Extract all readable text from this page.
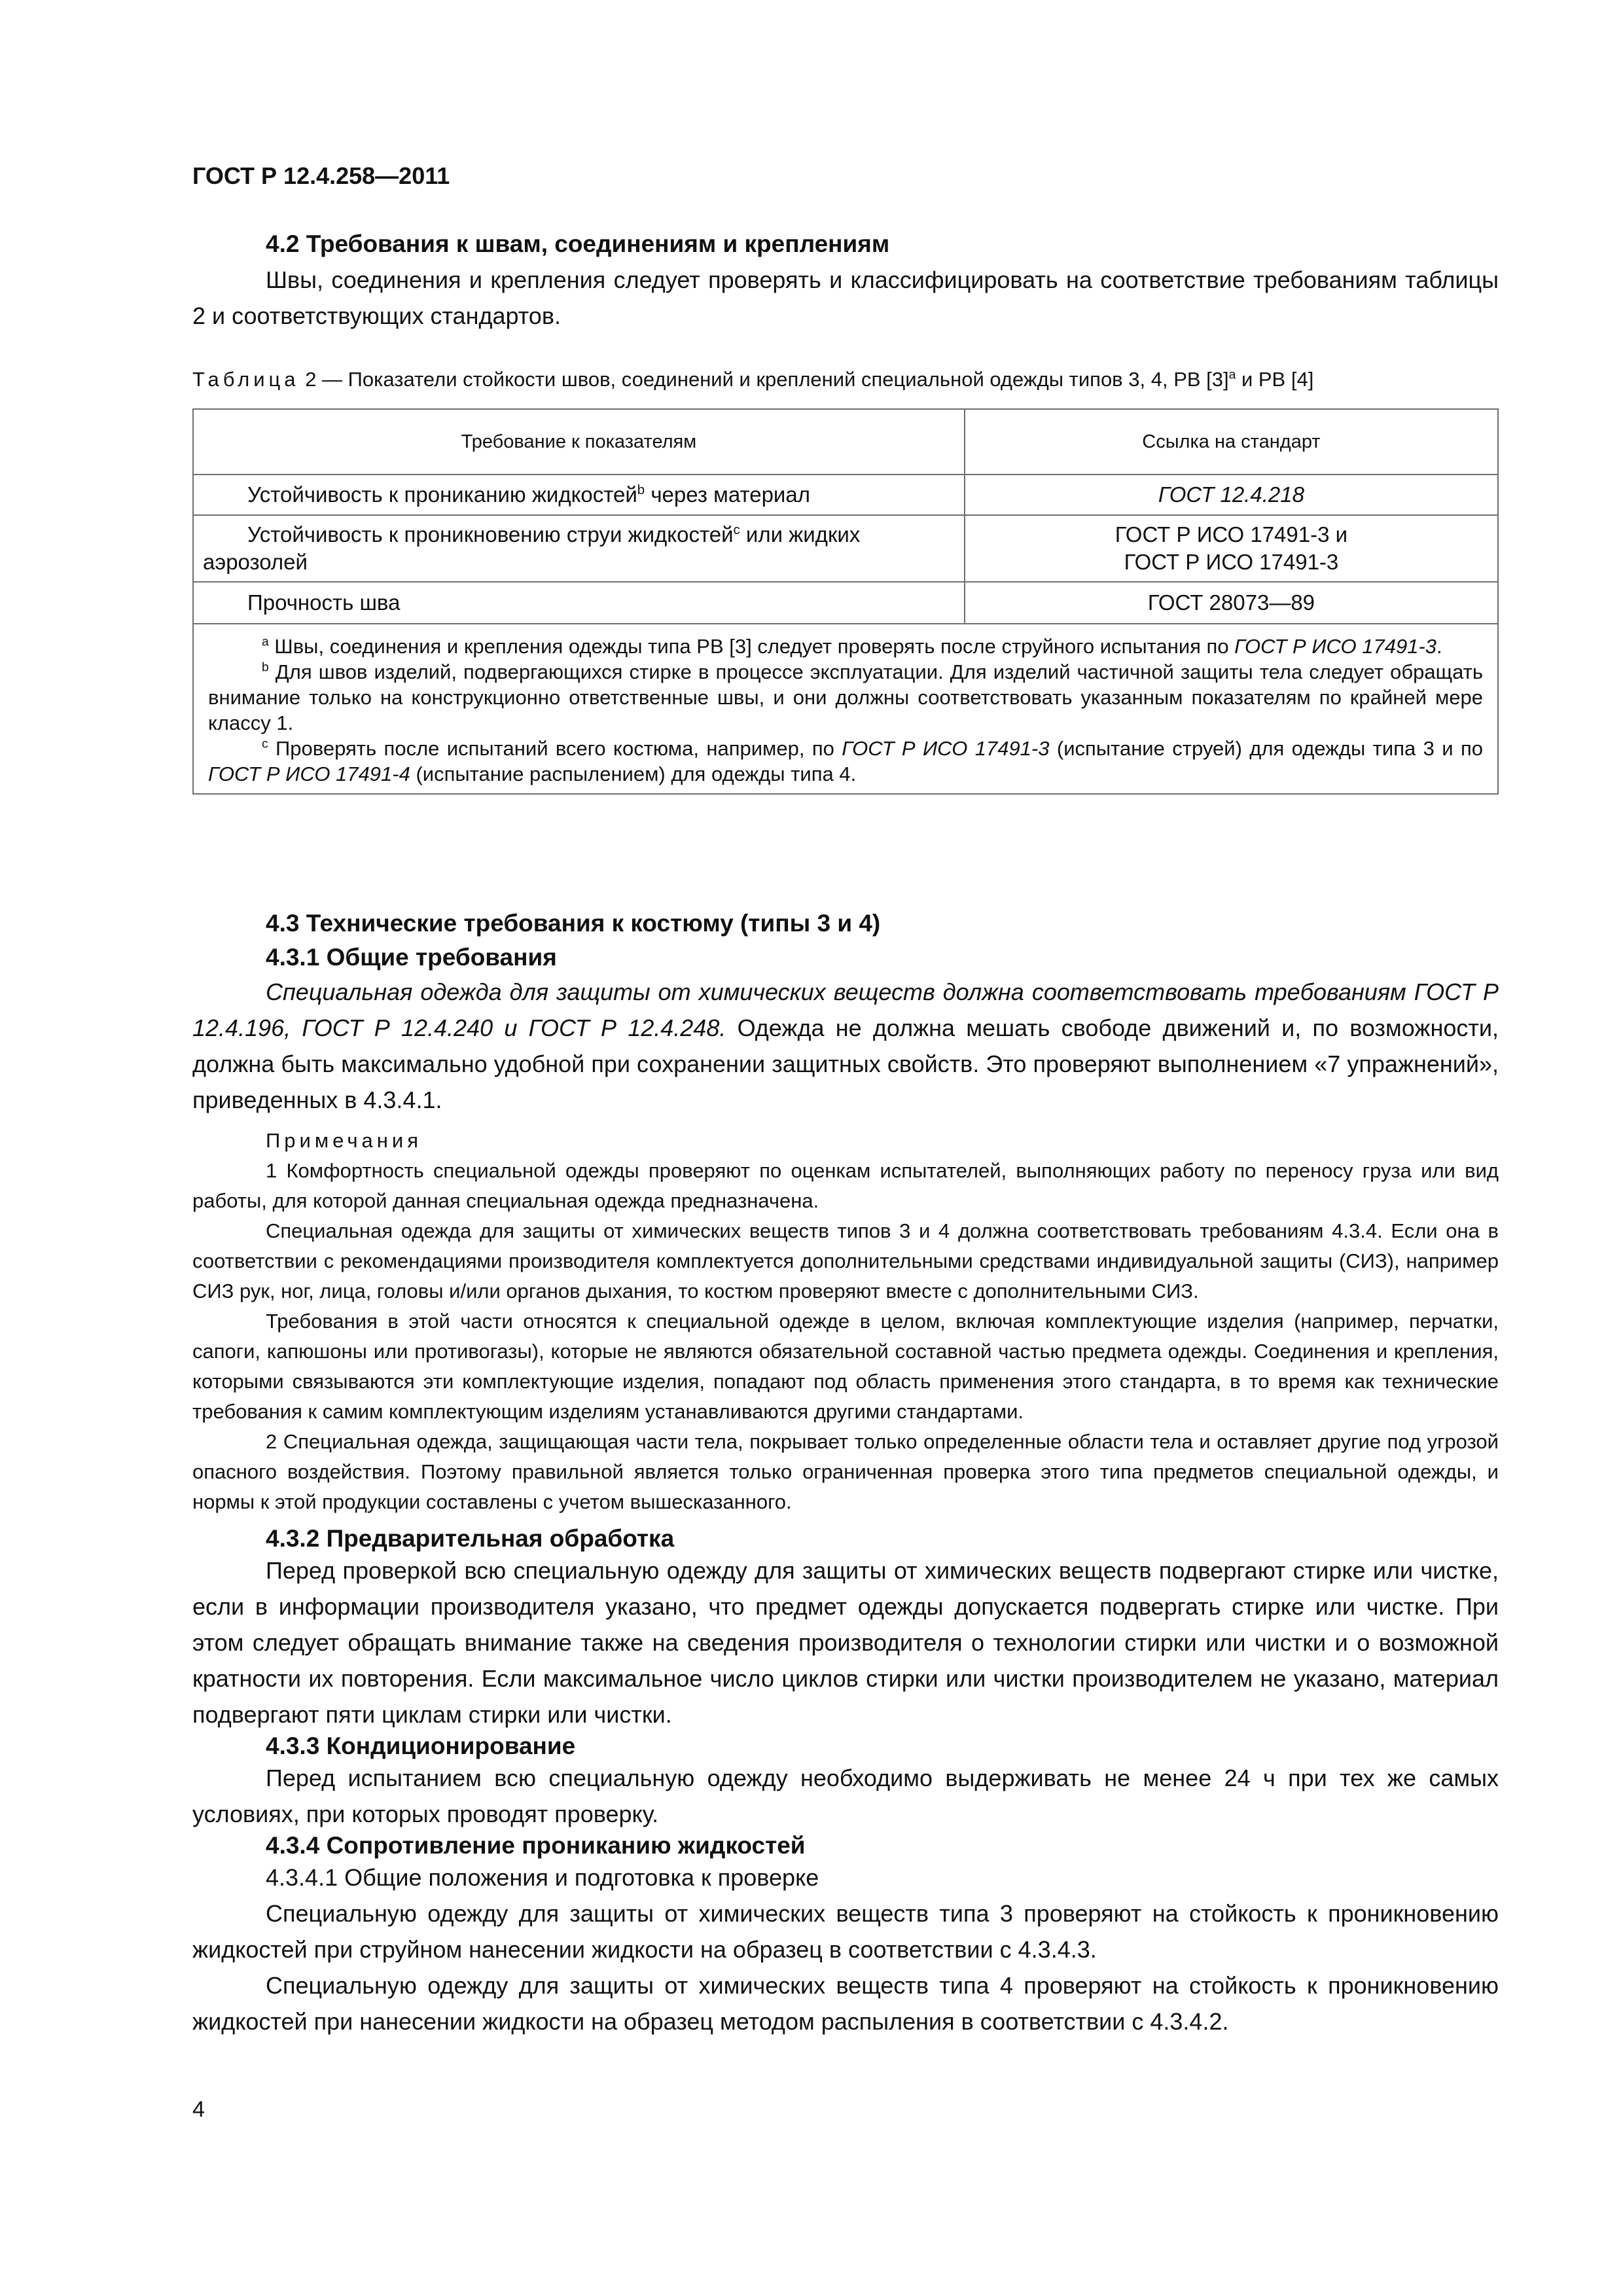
ГОСТ Р 12.4.258—2011
4.2 Требования к швам, соединениям и креплениям

Швы, соединения и крепления следует проверять и классифицировать на соответствие требованиям таблицы 2 и соответствующих стандартов.

Таблица 2 — Показатели стойкости швов, соединений и креплений специальной одежды типов 3, 4, РВ $[3]^a$ и РВ [4]

Требование к показателям	Ссылка на стандарт
Устойчивость к прониканию жидкостей$^b$ через материал	ГОСТ 12.4.218
Устойчивость к проникновению струи жидкостей$^c$ или жидких аэрозолей	ГОСТ Р ИСО 17491-3 и
ГОСТ Р ИСО 17491-3
Прочность шва	ГОСТ 28073—89

$^a$ Швы, соединения и крепления одежды типа РВ [3] следует проверять после струйного испытания по ГОСТ Р ИСО 17491-3.
$^b$ Для швов изделий, подвергающихся стирке в процессе эксплуатации. Для изделий частичной защиты тела следует обращать внимание только на конструкционно ответственные швы, и они должны соответствовать указанным показателям по крайней мере классу 1.
$^c$ Проверять после испытаний всего костюма, например, по ГОСТ Р ИСО 17491-3 (испытание струей) для одежды типа 3 и по ГОСТ Р ИСО 17491-4 (испытание распылением) для одежды типа 4.	
4.3 Технические требования к костюму (типы 3 и 4)
4.3.1 Общие требования

Специальная одежда для защиты от химических веществ должна соответствовать требованиям ГОСТ Р 12.4.196, ГОСТ Р 12.4.240 и ГОСТ Р 12.4.248. Одежда не должна мешать свободе движений и, по возможности, должна быть максимально удобной при сохранении защитных свойств. Это проверяют выполнением «7 упражнений», приведенных в 4.3.4.1.

Примечания

1 Комфортность специальной одежды проверяют по оценкам испытателей, выполняющих работу по переносу груза или вид работы, для которой данная специальная одежда предназначена.

Специальная одежда для защиты от химических веществ типов 3 и 4 должна соответствовать требованиям 4.3.4. Если она в соответствии с рекомендациями производителя комплектуется дополнительными средствами индивидуальной защиты (СИЗ), например СИЗ рук, ног, лица, головы и/или органов дыхания, то костюм проверяют вместе с дополнительными СИЗ.

Требования в этой части относятся к специальной одежде в целом, включая комплектующие изделия (например, перчатки, сапоги, капюшоны или противогазы), которые не являются обязательной составной частью предмета одежды. Соединения и крепления, которыми связываются эти комплектующие изделия, попадают под область применения этого стандарта, в то время как технические требования к самим комплектующим изделиям устанавливаются другими стандартами.

2 Специальная одежда, защищающая части тела, покрывает только определенные области тела и оставляет другие под угрозой опасного воздействия. Поэтому правильной является только ограниченная проверка этого типа предметов специальной одежды, и нормы к этой продукции составлены с учетом вышесказанного.

4.3.2 Предварительная обработка

Перед проверкой всю специальную одежду для защиты от химических веществ подвергают стирке или чистке, если в информации производителя указано, что предмет одежды допускается подвергать стирке или чистке. При этом следует обращать внимание также на сведения производителя о технологии стирки или чистки и о возможной кратности их повторения. Если максимальное число циклов стирки или чистки производителем не указано, материал подвергают пяти циклам стирки или чистки.

4.3.3 Кондиционирование

Перед испытанием всю специальную одежду необходимо выдерживать не менее 24 ч при тех же самых условиях, при которых проводят проверку.

4.3.4 Сопротивление прониканию жидкостей

4.3.4.1 Общие положения и подготовка к проверке

Специальную одежду для защиты от химических веществ типа 3 проверяют на стойкость к проникновению жидкостей при струйном нанесении жидкости на образец в соответствии с 4.3.4.3.

Специальную одежду для защиты от химических веществ типа 4 проверяют на стойкость к проникновению жидкостей при нанесении жидкости на образец методом распыления в соответствии с 4.3.4.2.

4
